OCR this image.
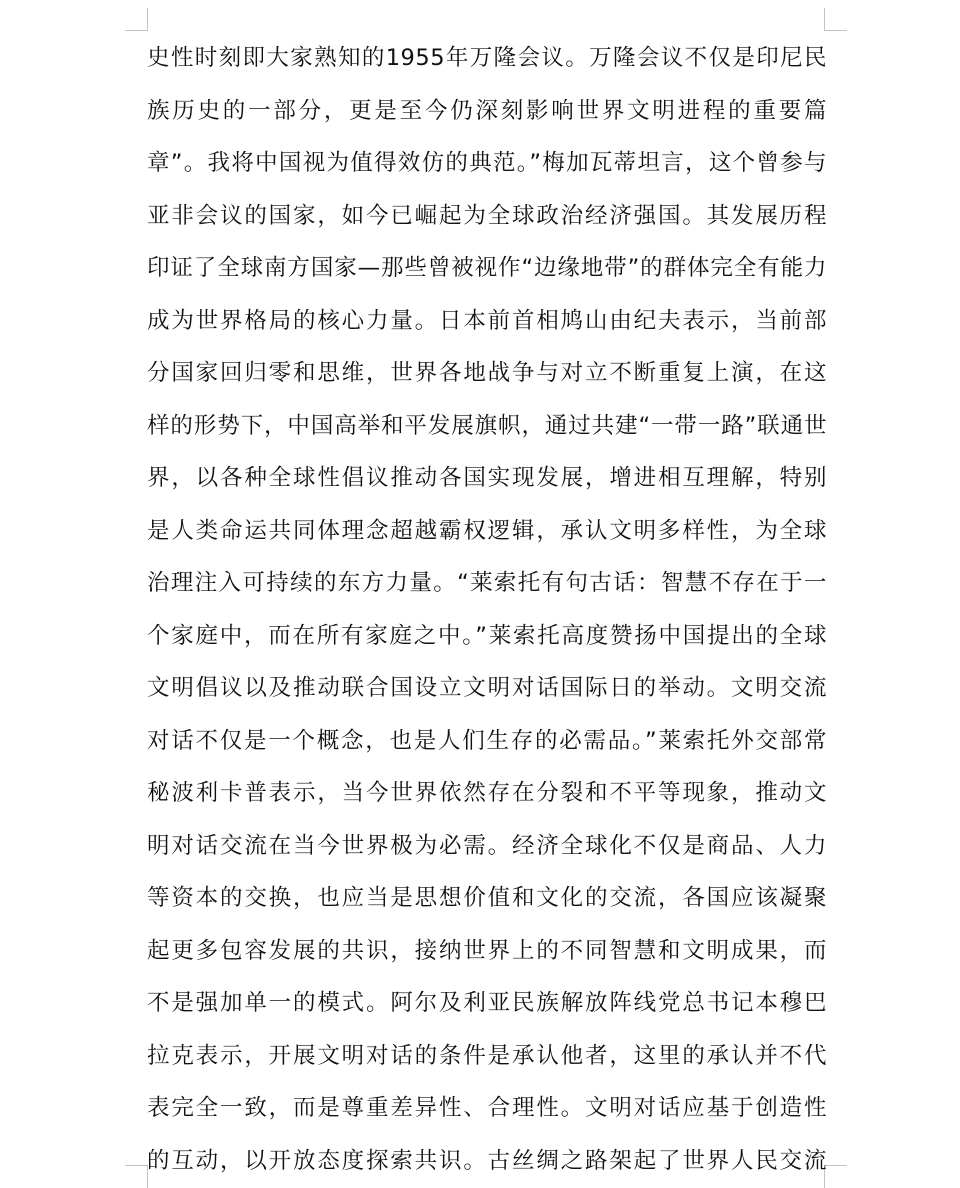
史性时刻即大家熟知的1955年万隆会议。万隆会议不仅是印尼民
族历史的一部分，更是至今仍深刻影响世界文明进程的重要篇
章”。我将中国视为值得效仿的典范。”梅加瓦蒂坦言，这个曾参与
亚非会议的国家，如今已崛起为全球政治经济强国。其发展历程
印证了全球南方国家—那些曾被视作“边缘地带”的群体完全有能力
成为世界格局的核心力量。日本前首相鸠山由纪夫表示，当前部
分国家回归零和思维，世界各地战争与对立不断重复上演，在这
样的形势下，中国高举和平发展旗帜，通过共建“一带一路”联通世
界，以各种全球性倡议推动各国实现发展，增进相互理解，特别
是人类命运共同体理念超越霸权逻辑，承认文明多样性，为全球
治理注入可持续的东方力量。“莱索托有句古话：智慧不存在于一
个家庭中，而在所有家庭之中。”莱索托高度赞扬中国提出的全球
文明倡议以及推动联合国设立文明对话国际日的举动。文明交流
对话不仅是一个概念，也是人们生存的必需品。”莱索托外交部常
秘波利卡普表示，当今世界依然存在分裂和不平等现象，推动文
明对话交流在当今世界极为必需。经济全球化不仅是商品、人力
等资本的交换，也应当是思想价值和文化的交流，各国应该凝聚
起更多包容发展的共识，接纳世界上的不同智慧和文明成果，而
不是强加单一的模式。阿尔及利亚民族解放阵线党总书记本穆巴
拉克表示，开展文明对话的条件是承认他者，这里的承认并不代
表完全一致，而是尊重差异性、合理性。文明对话应基于创造性
的互动，以开放态度探索共识。古丝绸之路架起了世界人民交流
